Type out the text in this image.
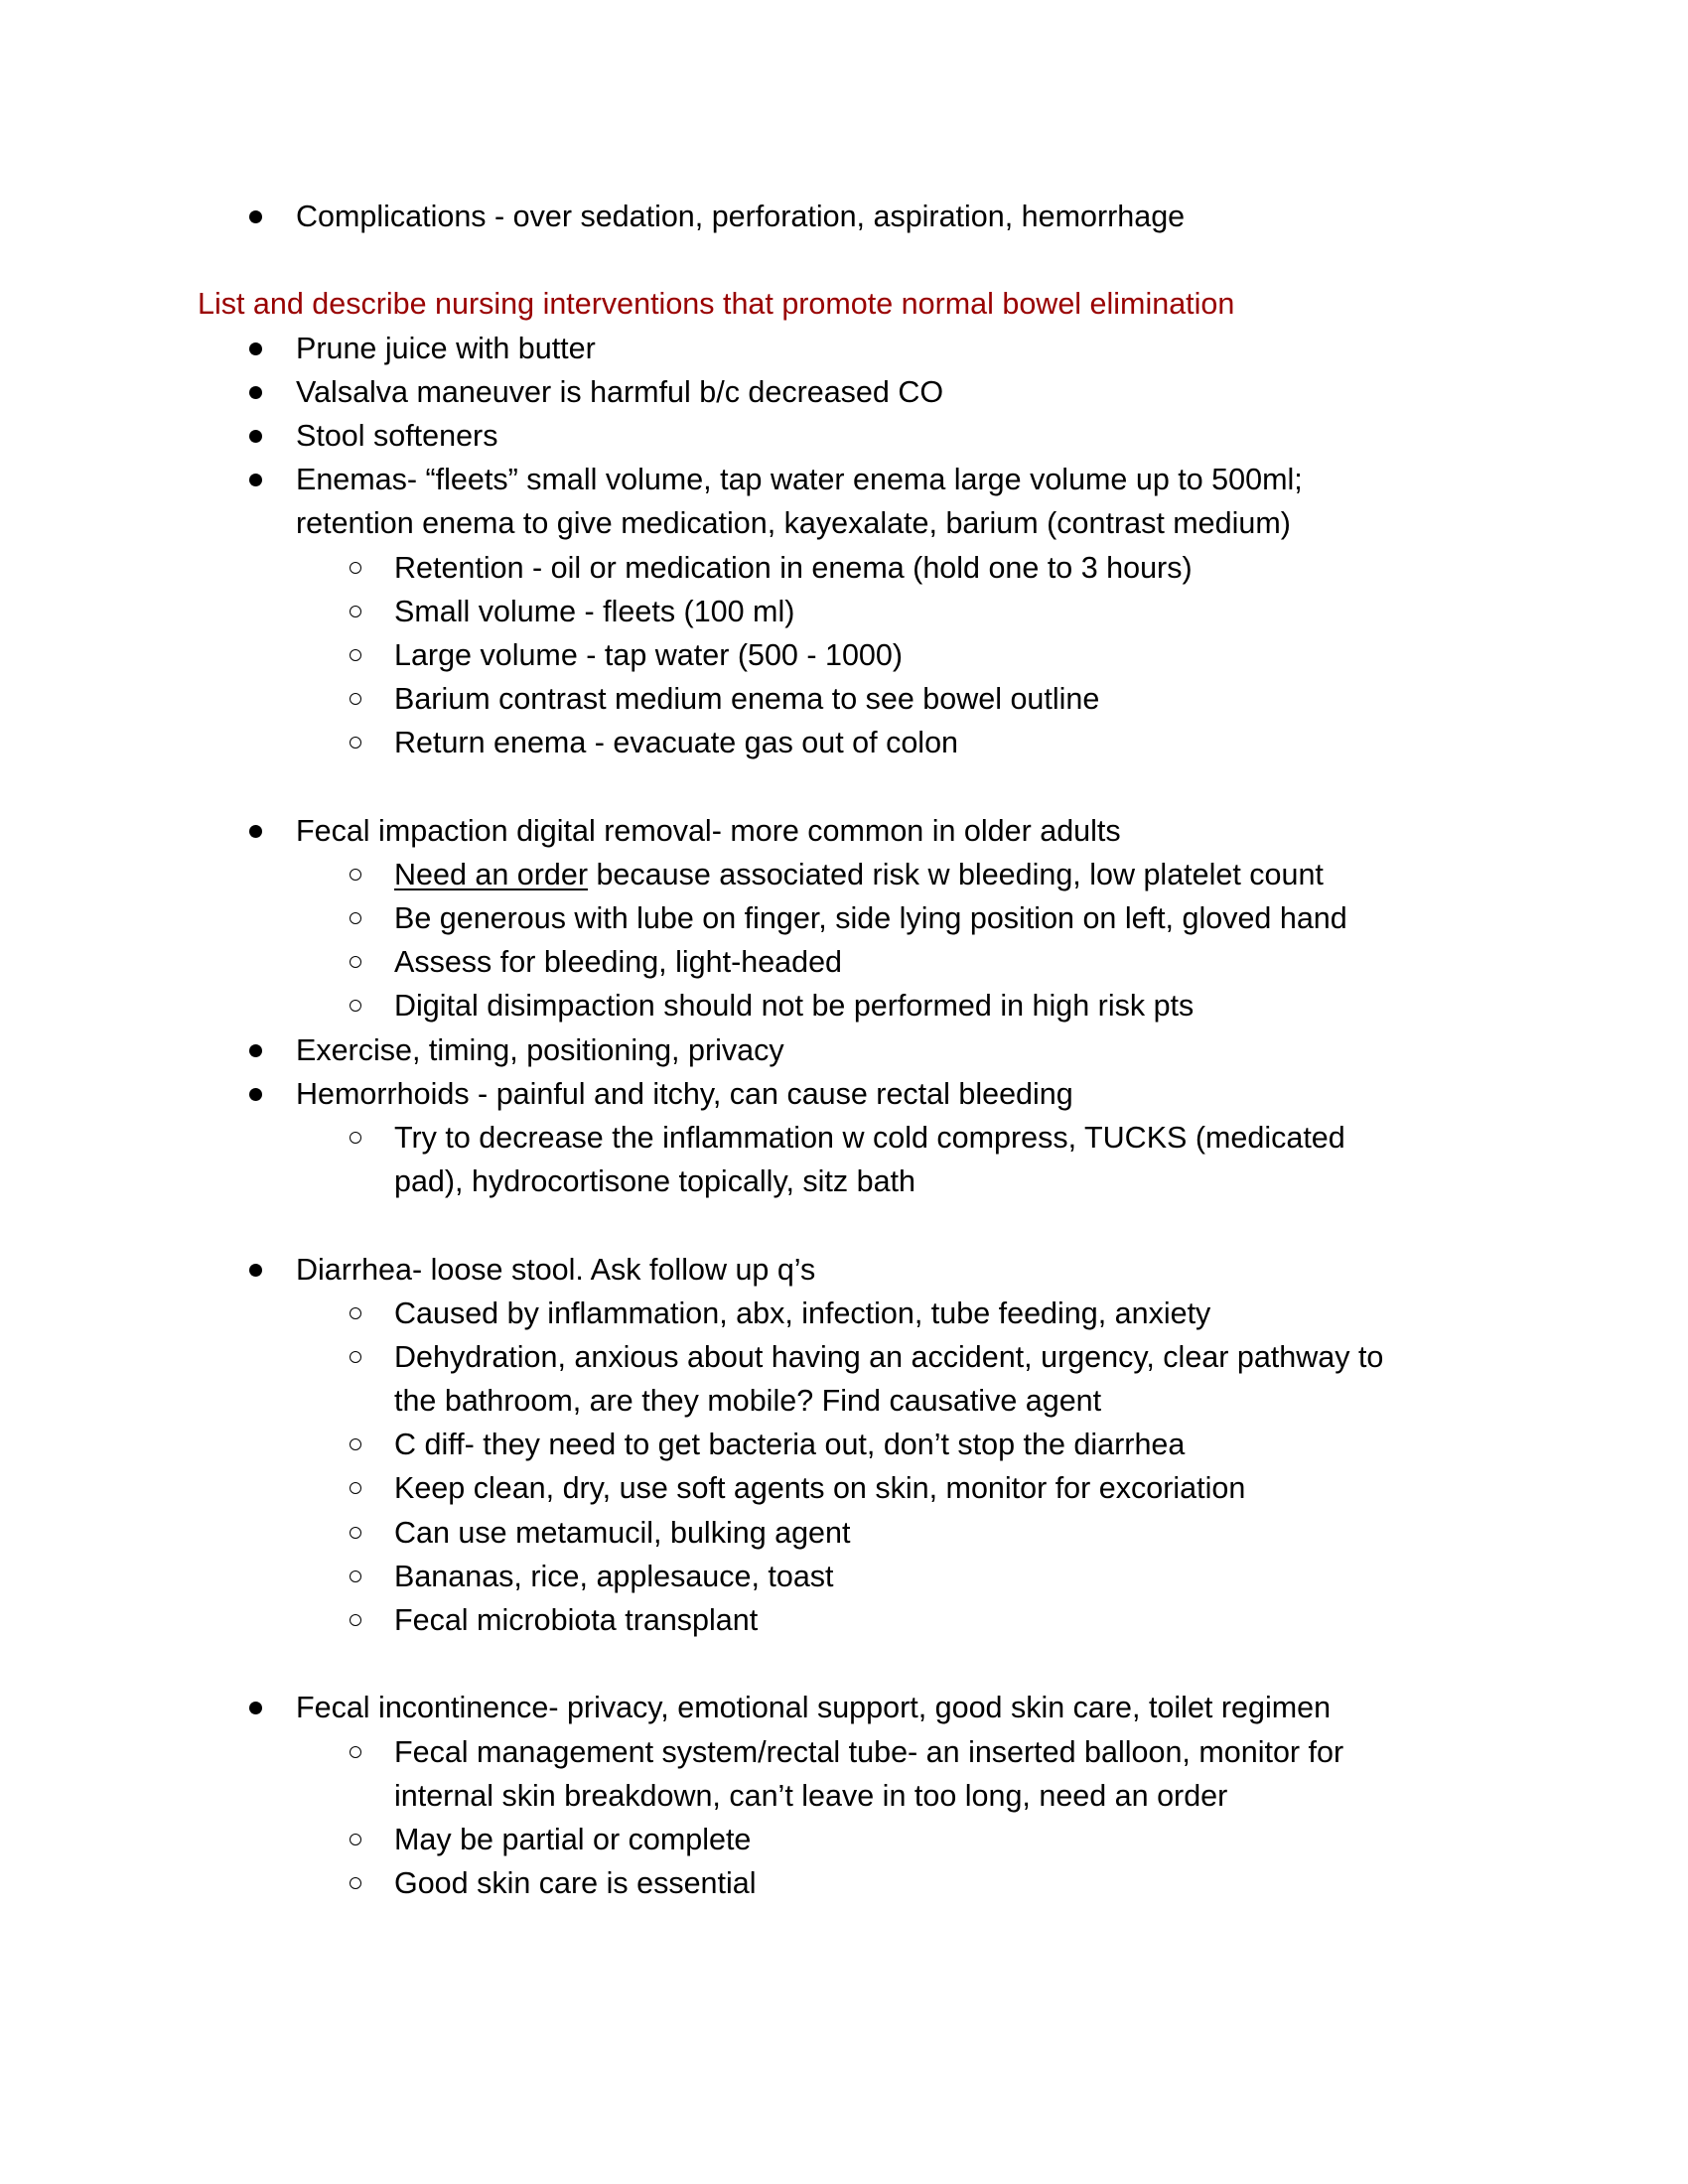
Complications - over sedation, perforation, aspiration, hemorrhage
List and describe nursing interventions that promote normal bowel elimination
Prune juice with butter
Valsalva maneuver is harmful b/c decreased CO
Stool softeners
Enemas- “fleets” small volume, tap water enema large volume up to 500ml;
retention enema to give medication, kayexalate, barium (contrast medium)
Retention - oil or medication in enema (hold one to 3 hours)
Small volume - fleets (100 ml)
Large volume - tap water (500 - 1000)
Barium contrast medium enema to see bowel outline
Return enema - evacuate gas out of colon
Fecal impaction digital removal- more common in older adults
Need an order because associated risk w bleeding, low platelet count
Be generous with lube on finger, side lying position on left, gloved hand
Assess for bleeding, light-headed
Digital disimpaction should not be performed in high risk pts
Exercise, timing, positioning, privacy
Hemorrhoids - painful and itchy, can cause rectal bleeding
Try to decrease the inflammation w cold compress, TUCKS (medicated
pad), hydrocortisone topically, sitz bath
Diarrhea- loose stool. Ask follow up q’s
Caused by inflammation, abx, infection, tube feeding, anxiety
Dehydration, anxious about having an accident, urgency, clear pathway to
the bathroom, are they mobile? Find causative agent
C diff- they need to get bacteria out, don’t stop the diarrhea
Keep clean, dry, use soft agents on skin, monitor for excoriation
Can use metamucil, bulking agent
Bananas, rice, applesauce, toast
Fecal microbiota transplant
Fecal incontinence- privacy, emotional support, good skin care, toilet regimen
Fecal management system/rectal tube- an inserted balloon, monitor for
internal skin breakdown, can’t leave in too long, need an order
May be partial or complete
Good skin care is essential
